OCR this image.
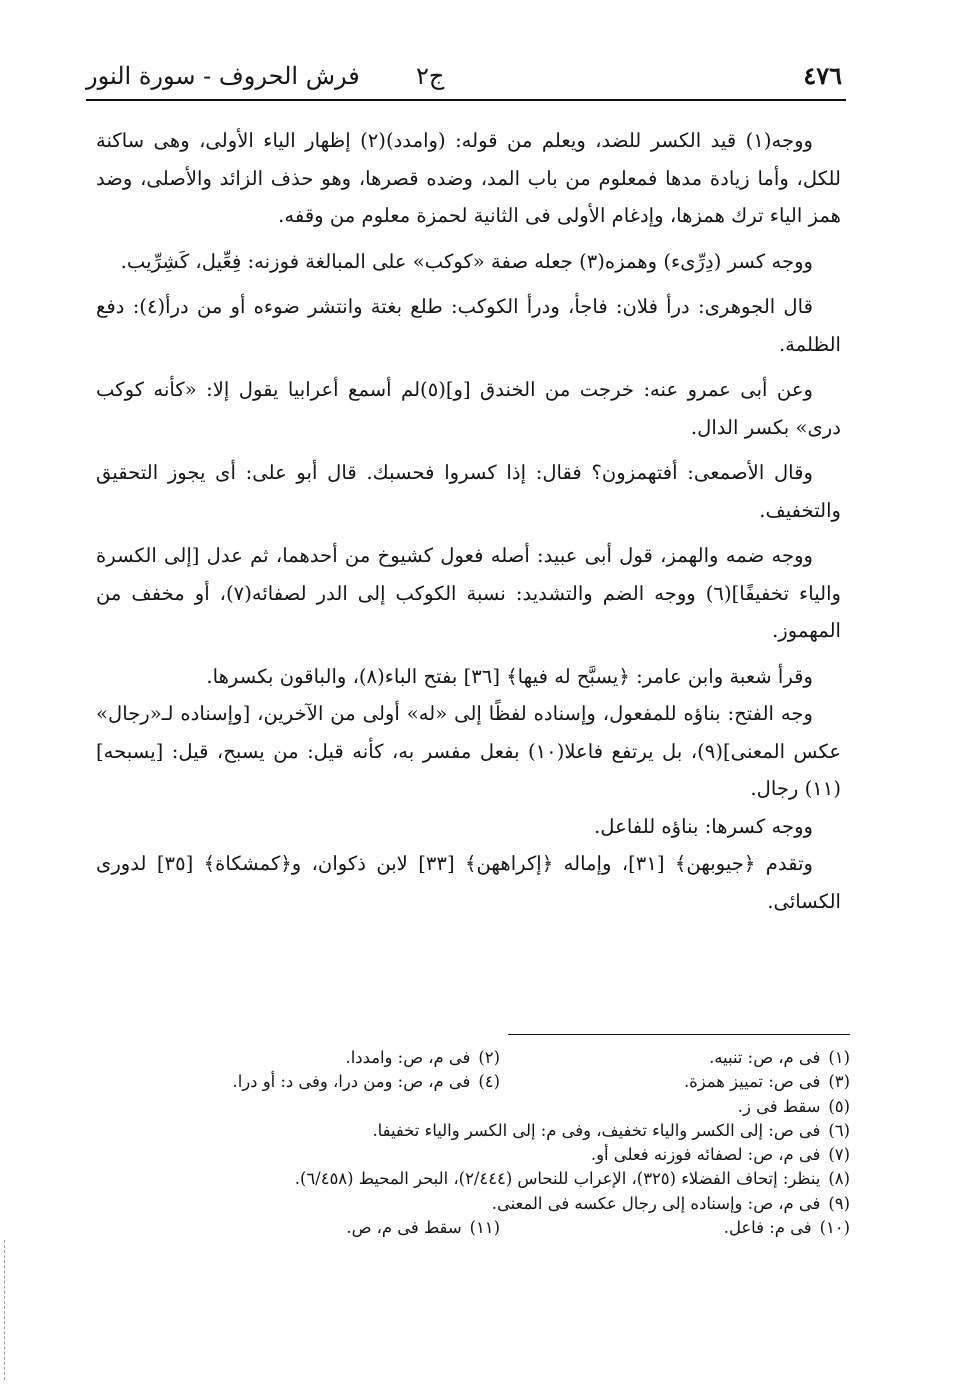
٤٧٦
ج٢
فرش الحروف - سورة النور

ووجه(١) قيد الكسر للضد، ويعلم من قوله: (وامدد)(٢) إظهار الياء الأولى، وهى ساكنة للكل، وأما زيادة مدها فمعلوم من باب المد، وضده قصرها، وهو حذف الزائد والأصلى، وضد همز الياء ترك همزها، وإدغام الأولى فى الثانية لحمزة معلوم من وقفه.

ووجه كسر (دِرِّىء) وهمزه(٣) جعله صفة «كوكب» على المبالغة فوزنه: فِعِّيل، كَشِرِّيب.

قال الجوهرى: درأ فلان: فاجأ، ودرأ الكوكب: طلع بغتة وانتشر ضوءه أو من درأ(٤): دفع الظلمة.

وعن أبى عمرو عنه: خرجت من الخندق [و](٥)لم أسمع أعرابيا يقول إلا: «كأنه كوكب درى» بكسر الدال.

وقال الأصمعى: أفتهمزون؟ فقال: إذا كسروا فحسبك. قال أبو على: أى يجوز التحقيق والتخفيف.

ووجه ضمه والهمز، قول أبى عبيد: أصله فعول كشيوخ من أحدهما، ثم عدل [إلى الكسرة والياء تخفيفًا](٦) ووجه الضم والتشديد: نسبة الكوكب إلى الدر لصفائه(٧)، أو مخفف من المهموز.

وقرأ شعبة وابن عامر: ﴿يسبَّح له فيها﴾ [٣٦] بفتح الباء(٨)، والباقون بكسرها.

وجه الفتح: بناؤه للمفعول، وإسناده لفظًا إلى «له» أولى من الآخرين، [وإسناده لـ«رجال» عكس المعنى](٩)، بل يرتفع فاعلا(١٠) بفعل مفسر به، كأنه قيل: من يسبح، قيل: [يسبحه](١١) رجال.

ووجه كسرها: بناؤه للفاعل.

وتقدم ﴿جيوبهن﴾ [٣١]، وإماله ﴿إكراههن﴾ [٣٣] لابن ذكوان، و﴿كمشكاة﴾ [٣٥] لدورى الكسائى.

(١)فى م، ص: تنبيه.
(٢)فى م، ص: وامددا.
(٣)فى ص: تمييز همزة.
(٤)فى م، ص: ومن درا، وفى د: أو درا.
(٥)سقط فى ز.
(٦)فى ص: إلى الكسر والياء تخفيف، وفى م: إلى الكسر والياء تخفيفا.
(٧)فى م، ص: لصفائه فوزنه فعلى أو.
(٨)ينظر: إتحاف الفضلاء (٣٢٥)، الإعراب للنحاس (٢/٤٤٤)، البحر المحيط (٦/٤٥٨).
(٩)فى م، ص: وإسناده إلى رجال عكسه فى المعنى.
(١٠)فى م: فاعل.
(١١)سقط فى م، ص.
